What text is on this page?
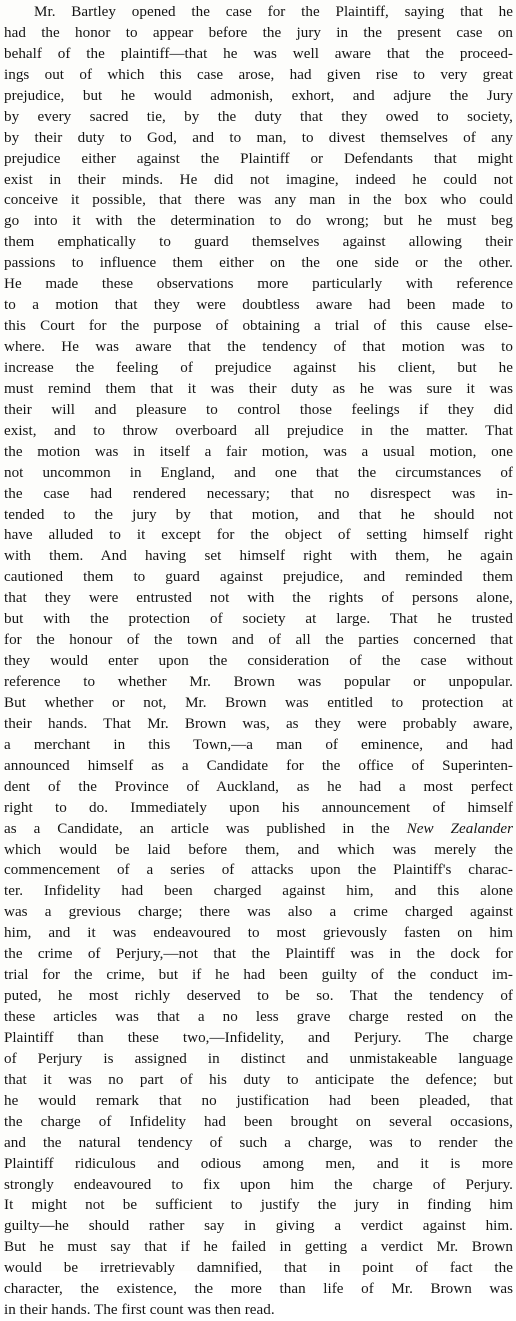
Mr. Bartley opened the case for the Plaintiff, saying that he
had the honor to appear before the jury in the present case on
behalf of the plaintiff—that he was well aware that the proceed-
ings out of which this case arose, had given rise to very great
prejudice, but he would admonish, exhort, and adjure the Jury
by every sacred tie, by the duty that they owed to society,
by their duty to God, and to man, to divest themselves of any
prejudice either against the Plaintiff or Defendants that might
exist in their minds. He did not imagine, indeed he could not
conceive it possible, that there was any man in the box who could
go into it with the determination to do wrong; but he must beg
them emphatically to guard themselves against allowing their
passions to influence them either on the one side or the other.
He made these observations more particularly with reference
to a motion that they were doubtless aware had been made to
this Court for the purpose of obtaining a trial of this cause else-
where. He was aware that the tendency of that motion was to
increase the feeling of prejudice against his client, but he
must remind them that it was their duty as he was sure it was
their will and pleasure to control those feelings if they did
exist, and to throw overboard all prejudice in the matter. That
the motion was in itself a fair motion, was a usual motion, one
not uncommon in England, and one that the circumstances of
the case had rendered necessary; that no disrespect was in-
tended to the jury by that motion, and that he should not
have alluded to it except for the object of setting himself right
with them. And having set himself right with them, he again
cautioned them to guard against prejudice, and reminded them
that they were entrusted not with the rights of persons alone,
but with the protection of society at large. That he trusted
for the honour of the town and of all the parties concerned that
they would enter upon the consideration of the case without
reference to whether Mr. Brown was popular or unpopular.
But whether or not, Mr. Brown was entitled to protection at
their hands. That Mr. Brown was, as they were probably aware,
a merchant in this Town,—a man of eminence, and had
announced himself as a Candidate for the office of Superinten-
dent of the Province of Auckland, as he had a most perfect
right to do. Immediately upon his announcement of himself
as a Candidate, an article was published in the New Zealander
which would be laid before them, and which was merely the
commencement of a series of attacks upon the Plaintiff's charac-
ter. Infidelity had been charged against him, and this alone
was a grevious charge; there was also a crime charged against
him, and it was endeavoured to most grievously fasten on him
the crime of Perjury,—not that the Plaintiff was in the dock for
trial for the crime, but if he had been guilty of the conduct im-
puted, he most richly deserved to be so. That the tendency of
these articles was that a no less grave charge rested on the
Plaintiff than these two,—Infidelity, and Perjury. The charge
of Perjury is assigned in distinct and unmistakeable language
that it was no part of his duty to anticipate the defence; but
he would remark that no justification had been pleaded, that
the charge of Infidelity had been brought on several occasions,
and the natural tendency of such a charge, was to render the
Plaintiff ridiculous and odious among men, and it is more
strongly endeavoured to fix upon him the charge of Perjury.
It might not be sufficient to justify the jury in finding him
guilty—he should rather say in giving a verdict against him.
But he must say that if he failed in getting a verdict Mr. Brown
would be irretrievably damnified, that in point of fact the
character, the existence, the more than life of Mr. Brown was
in their hands. The first count was then read.
